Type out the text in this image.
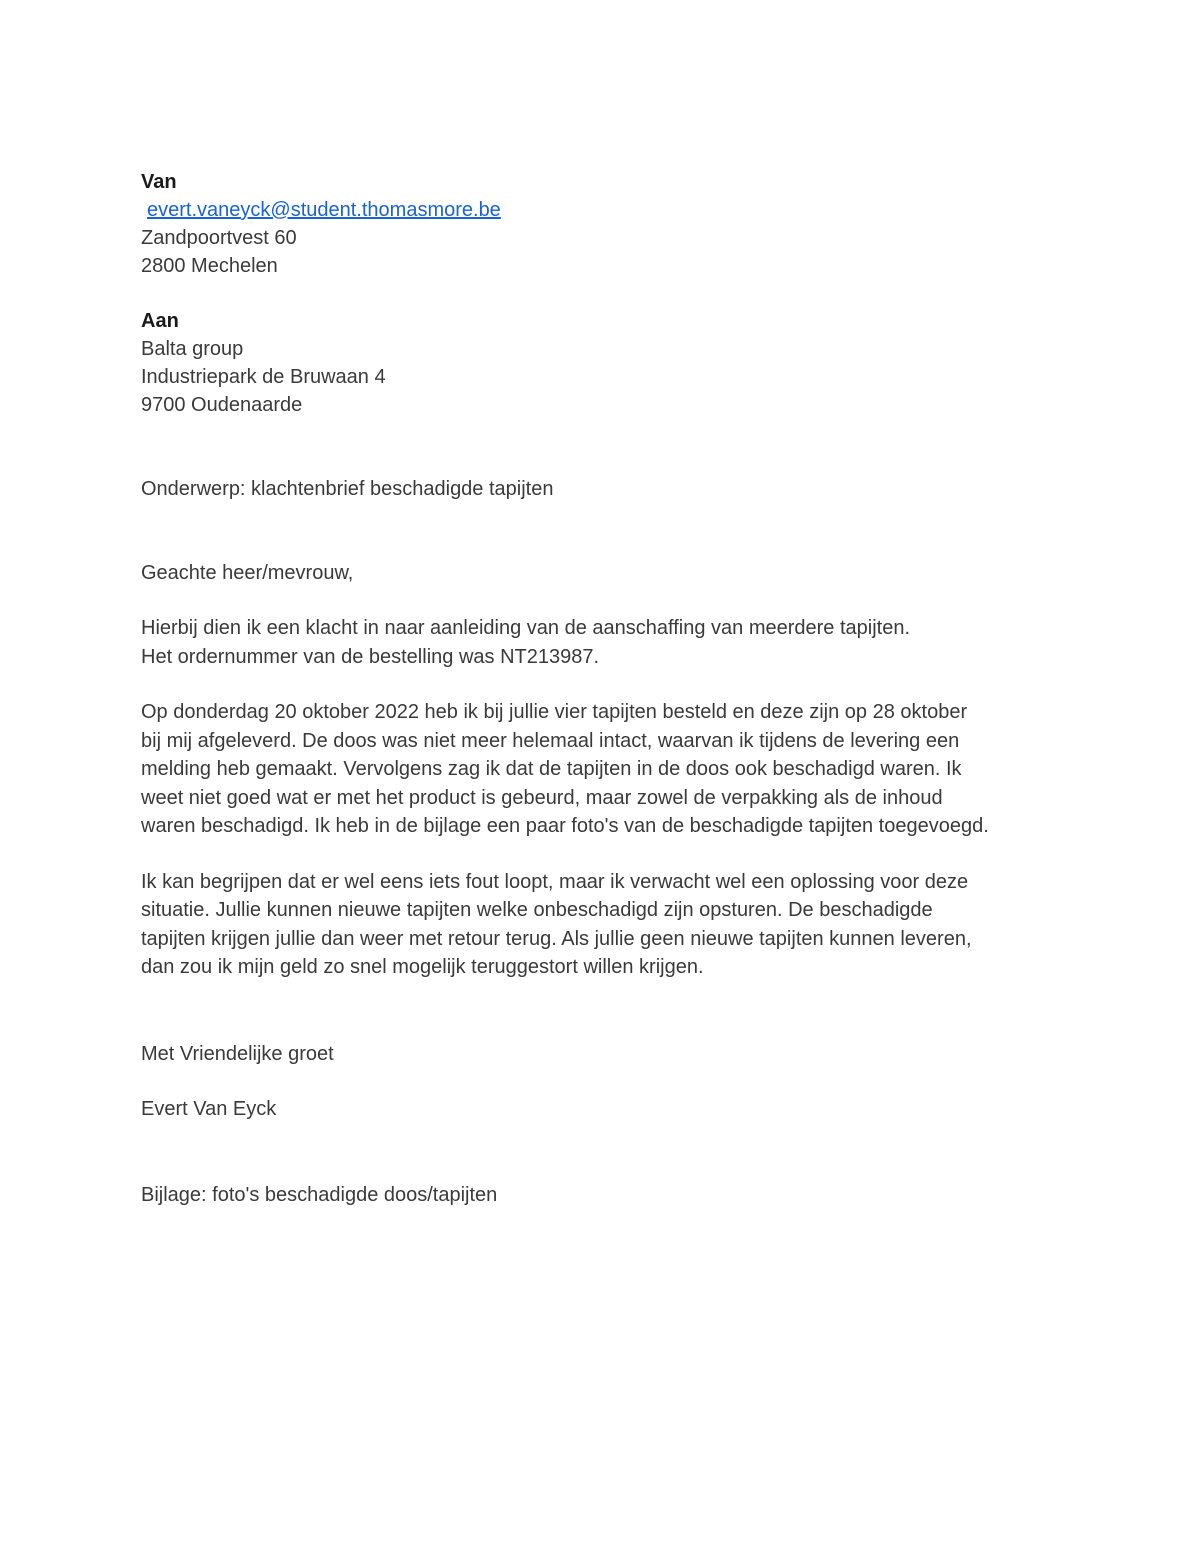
Van

evert.vaneyck@student.thomasmore.be

Zandpoortvest 60

2800 Mechelen

Aan

Balta group

Industriepark de Bruwaan 4

9700 Oudenaarde

Onderwerp: klachtenbrief beschadigde tapijten

Geachte heer/mevrouw,

Hierbij dien ik een klacht in naar aanleiding van de aanschaffing van meerdere tapijten.
Het ordernummer van de bestelling was NT213987.
Op donderdag 20 oktober 2022 heb ik bij jullie vier tapijten besteld en deze zijn op 28 oktober
bij mij afgeleverd. De doos was niet meer helemaal intact, waarvan ik tijdens de levering een
melding heb gemaakt. Vervolgens zag ik dat de tapijten in de doos ook beschadigd waren. Ik
weet niet goed wat er met het product is gebeurd, maar zowel de verpakking als de inhoud
waren beschadigd. Ik heb in de bijlage een paar foto's van de beschadigde tapijten toegevoegd.
Ik kan begrijpen dat er wel eens iets fout loopt, maar ik verwacht wel een oplossing voor deze
situatie. Jullie kunnen nieuwe tapijten welke onbeschadigd zijn opsturen. De beschadigde
tapijten krijgen jullie dan weer met retour terug. Als jullie geen nieuwe tapijten kunnen leveren,
dan zou ik mijn geld zo snel mogelijk teruggestort willen krijgen.

Met Vriendelijke groet

Evert Van Eyck

Bijlage: foto's beschadigde doos/tapijten
